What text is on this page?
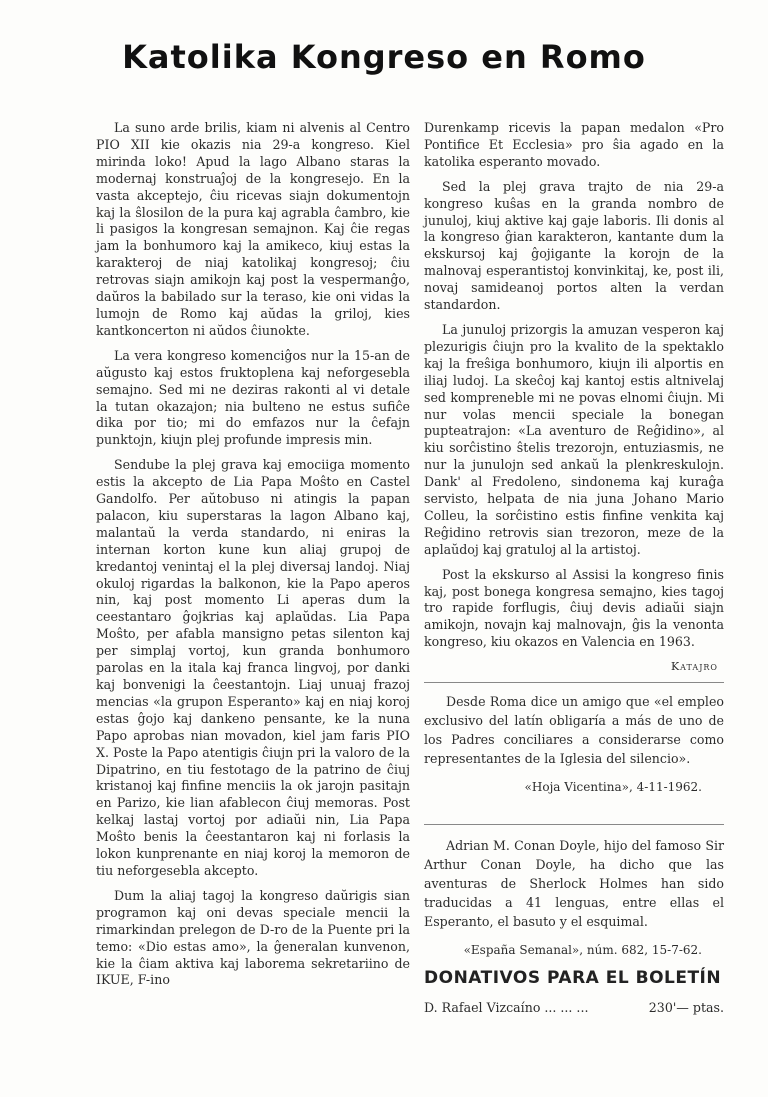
Katolika Kongreso en Romo

La suno arde brilis, kiam ni alvenis al Centro PIO XII kie okazis nia 29-a kongreso. Kiel mirinda loko! Apud la lago Albano staras la modernaj konstruaĵoj de la kongresejo. En la vasta akceptejo, ĉiu ricevas siajn dokumentojn kaj la ŝlosilon de la pura kaj agrabla ĉambro, kie li pasigos la kongresan semajnon. Kaj ĉie regas jam la bonhumoro kaj la amikeco, kiuj estas la karakteroj de niaj katolikaj kongresoj; ĉiu retrovas siajn amikojn kaj post la vespermanĝo, daŭros la babilado sur la teraso, kie oni vidas la lumojn de Romo kaj aŭdas la griloj, kies kantkoncerton ni aŭdos ĉiunokte.

La vera kongreso komenciĝos nur la 15-an de aŭgusto kaj estos fruktoplena kaj neforgesebla semajno. Sed mi ne deziras rakonti al vi detale la tutan okazajon; nia bulteno ne estus sufiĉe dika por tio; mi do emfazos nur la ĉefajn punktojn, kiujn plej profunde impresis min.

Sendube la plej grava kaj emociiga momento estis la akcepto de Lia Papa Moŝto en Castel Gandolfo. Per aŭtobuso ni atingis la papan palacon, kiu superstaras la lagon Albano kaj, malantaŭ la verda standardo, ni eniras la internan korton kune kun aliaj grupoj de kredantoj venintaj el la plej diversaj landoj. Niaj okuloj rigardas la balkonon, kie la Papo aperos nin, kaj post momento Li aperas dum la ceestantaro ĝojkrias kaj aplaŭdas. Lia Papa Moŝto, per afabla mansigno petas silenton kaj per simplaj vortoj, kun granda bonhumoro parolas en la itala kaj franca lingvoj, por danki kaj bonvenigi la ĉeestantojn. Liaj unuaj frazoj mencias «la grupon Esperanto» kaj en niaj koroj estas ĝojo kaj dankeno pensante, ke la nuna Papo aprobas nian movadon, kiel jam faris PIO X. Poste la Papo atentigis ĉiujn pri la valoro de la Dipatrino, en tiu festotago de la patrino de ĉiuj kristanoj kaj finfine menciis la ok jarojn pasitajn en Parizo, kie lian afablecon ĉiuj memoras. Post kelkaj lastaj vortoj por adiaŭi nin, Lia Papa Moŝto benis la ĉeestantaron kaj ni forlasis la lokon kunprenante en niaj koroj la memoron de tiu neforgesebla akcepto.

Dum la aliaj tagoj la kongreso daŭrigis sian programon kaj oni devas speciale mencii la rimarkindan prelegon de D-ro de la Puente pri la temo: «Dio estas amo», la ĝeneralan kunvenon, kie la ĉiam aktiva kaj laborema sekretariino de IKUE, F-ino

Durenkamp ricevis la papan medalon «Pro Pontifice Et Ecclesia» pro ŝia agado en la katolika esperanto movado.

Sed la plej grava trajto de nia 29-a kongreso kuŝas en la granda nombro de junuloj, kiuj aktive kaj gaje laboris. Ili donis al la kongreso ĝian karakteron, kantante dum la ekskursoj kaj ĝojigante la korojn de la malnovaj esperantistoj konvinkitaj, ke, post ili, novaj samideanoj portos alten la verdan standardon.

La junuloj prizorgis la amuzan vesperon kaj plezurigis ĉiujn pro la kvalito de la spektaklo kaj la freŝiga bonhumoro, kiujn ili alportis en iliaj ludoj. La skeĉoj kaj kantoj estis altnivelaj sed kompreneble mi ne povas elnomi ĉiujn. Mi nur volas mencii speciale la bonegan pupteatrajon: «La aventuro de Reĝidino», al kiu sorĉistino ŝtelis trezorojn, entuziasmis, ne nur la junulojn sed ankaŭ la plenkreskulojn. Dank' al Fredoleno, sindonema kaj kuraĝa servisto, helpata de nia juna Johano Mario Colleu, la sorĉistino estis finfine venkita kaj Reĝidino retrovis sian trezoron, meze de la aplaŭdoj kaj gratuloj al la artistoj.

Post la ekskurso al Assisi la kongreso finis kaj, post bonega kongresa semajno, kies tagoj tro rapide forflugis, ĉiuj devis adiaŭi siajn amikojn, novajn kaj malnovajn, ĝis la venonta kongreso, kiu okazos en Valencia en 1963.

Katajro

Desde Roma dice un amigo que «el empleo exclusivo del latín obligaría a más de uno de los Padres conciliares a considerarse como representantes de la Iglesia del silencio».

«Hoja Vicentina», 4-11-1962.

Adrian M. Conan Doyle, hijo del famoso Sir Arthur Conan Doyle, ha dicho que las aventuras de Sherlock Holmes han sido traducidas a 41 lenguas, entre ellas el Esperanto, el basuto y el esquimal.

«España Semanal», núm. 682, 15-7-62.
DONATIVOS PARA EL BOLETÍN
D. Rafael Vizcaíno ... ... ...	230'— ptas.
